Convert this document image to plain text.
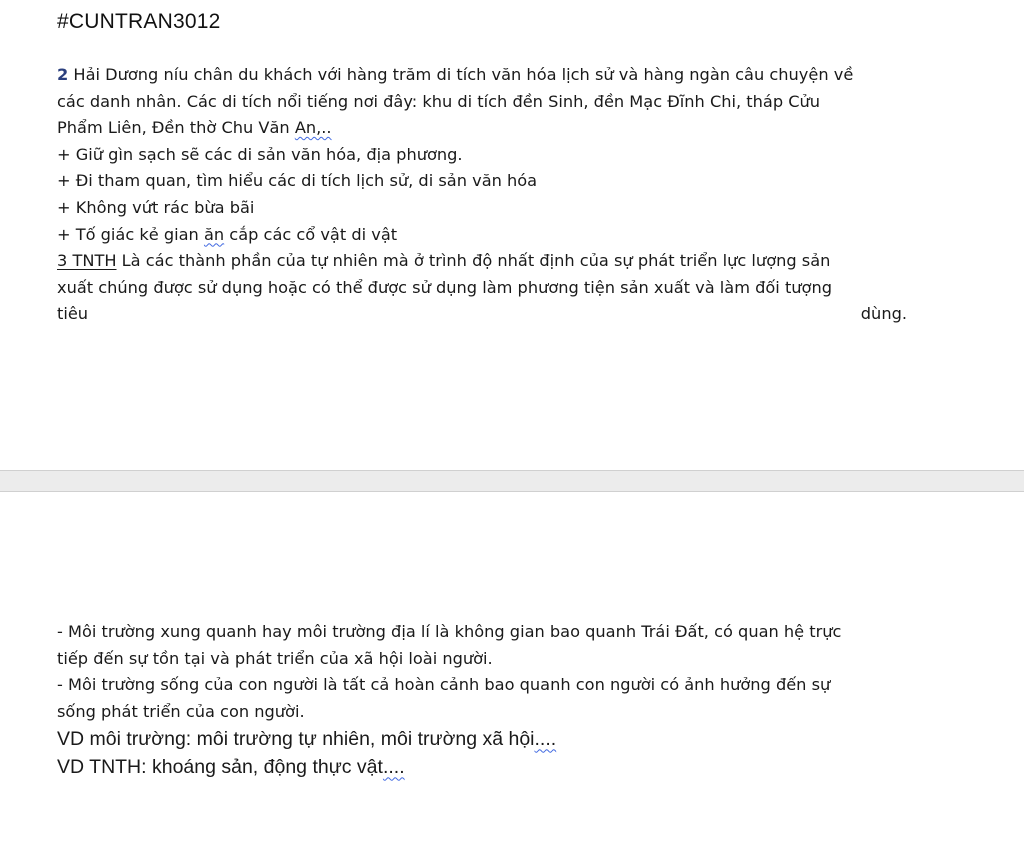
#CUNTRAN3012
2 Hải Dương níu chân du khách với hàng trăm di tích văn hóa lịch sử và hàng ngàn câu chuyện về
các danh nhân. Các di tích nổi tiếng nơi đây: khu di tích đền Sinh, đền Mạc Đĩnh Chi, tháp Cửu
Phẩm Liên, Đền thờ Chu Văn An,..
+ Giữ gìn sạch sẽ các di sản văn hóa, địa phương.
+ Đi tham quan, tìm hiểu các di tích lịch sử, di sản văn hóa
+ Không vứt rác bừa bãi
+ Tố giác kẻ gian ăn cắp các cổ vật di vật
3 TNTH Là các thành phần của tự nhiên mà ở trình độ nhất định của sự phát triển lực lượng sản
xuất chúng được sử dụng hoặc có thể được sử dụng làm phương tiện sản xuất và làm đối tượng
tiêu	dùng.
- Môi trường xung quanh hay môi trường địa lí là không gian bao quanh Trái Đất, có quan hệ trực
tiếp đến sự tồn tại và phát triển của xã hội loài người.
- Môi trường sống của con người là tất cả hoàn cảnh bao quanh con người có ảnh hưởng đến sự
sống phát triển của con người.
VD môi trường: môi trường tự nhiên, môi trường xã hội....
VD TNTH: khoáng sản, động thực vật....
